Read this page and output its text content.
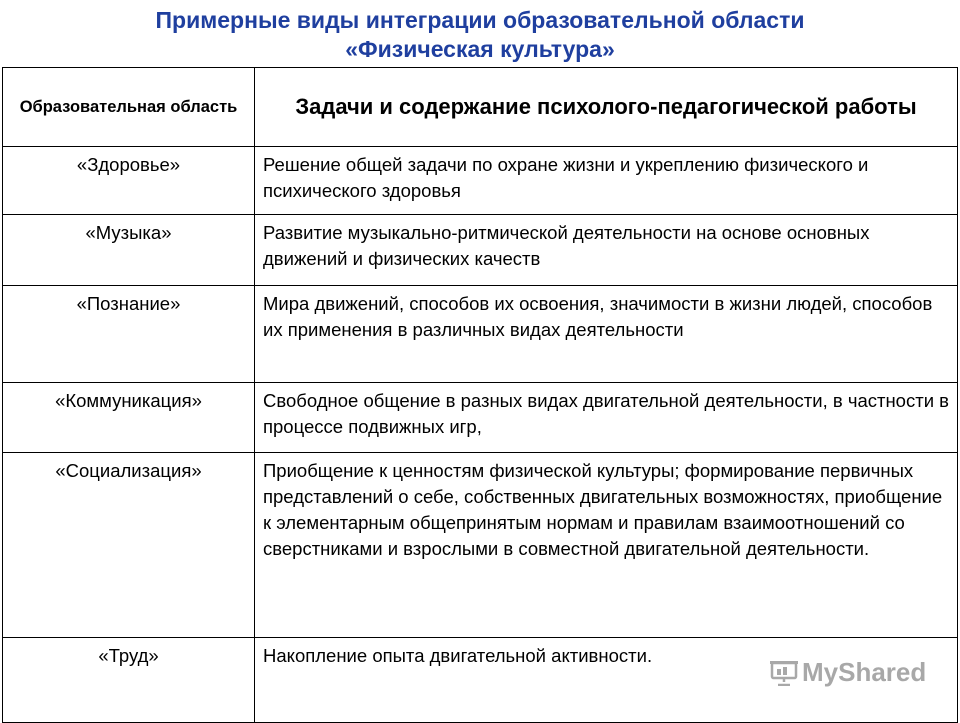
Примерные виды интеграции образовательной области
«Физическая культура»
Образовательная область	Задачи и содержание психолого-педагогической работы
«Здоровье»	Решение общей задачи по охране жизни и укреплению физического и психического здоровья
«Музыка»	Развитие музыкально-ритмической деятельности на основе основных движений и физических качеств
«Познание»	Мира движений, способов их освоения, значимости в жизни людей, способов их применения в различных видах деятельности
«Коммуникация»	Свободное общение в разных видах двигательной деятельности, в частности в процессе подвижных игр,
«Социализация»	Приобщение к ценностям физической культуры; формирование первичных представлений о себе, собственных двигательных возможностях, приобщение к элементарным общепринятым нормам и правилам взаимоотношений со сверстниками и взрослыми в совместной двигательной деятельности.
«Труд»	Накопление опыта двигательной активности.
MyShared
